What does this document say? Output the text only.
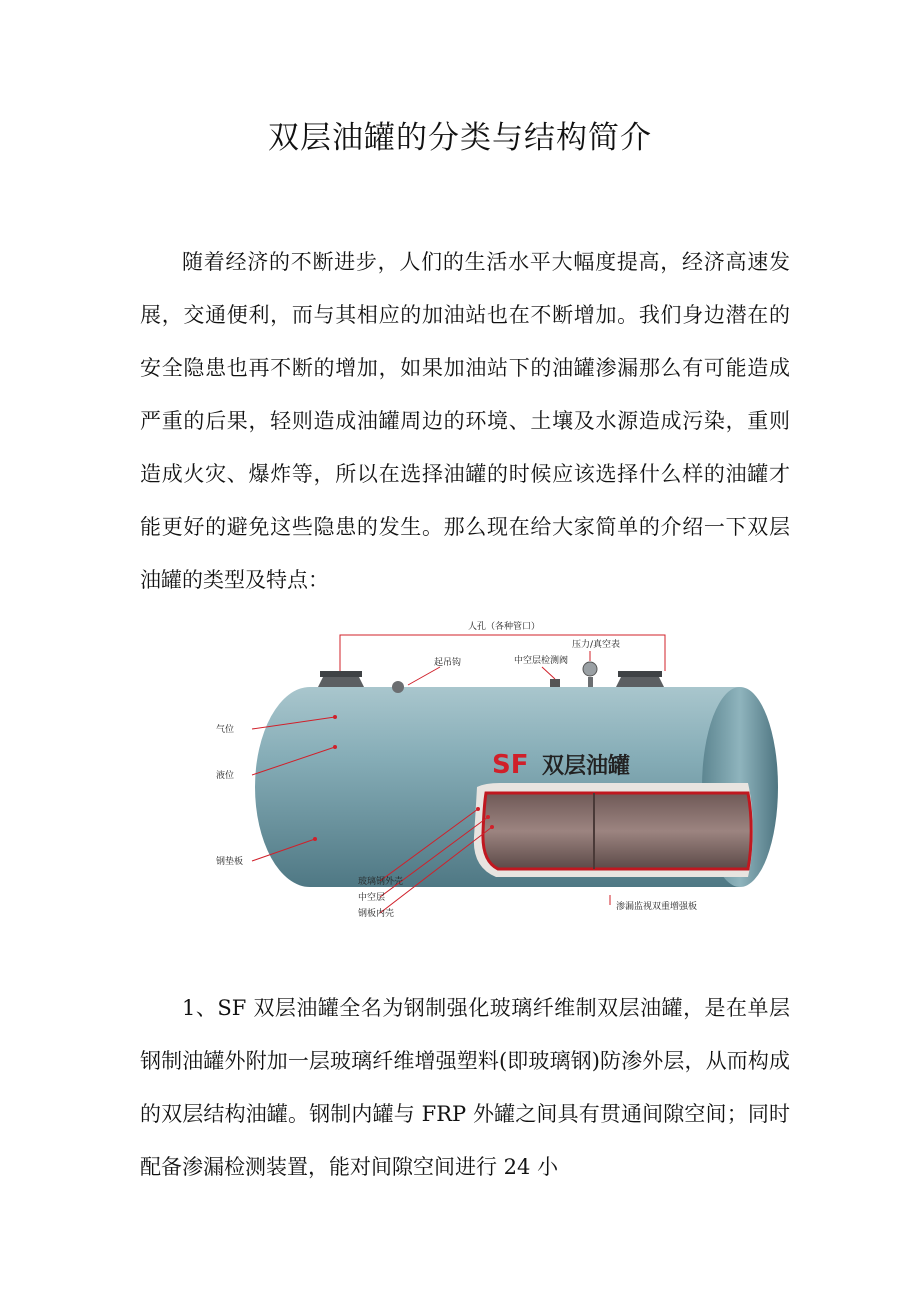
双层油罐的分类与结构简介

随着经济的不断进步，人们的生活水平大幅度提高，经济高速发展，交通便利，而与其相应的加油站也在不断增加。我们身边潜在的安全隐患也再不断的增加，如果加油站下的油罐渗漏那么有可能造成严重的后果，轻则造成油罐周边的环境、土壤及水源造成污染，重则造成火灾、爆炸等，所以在选择油罐的时候应该选择什么样的油罐才能更好的避免这些隐患的发生。那么现在给大家简单的介绍一下双层油罐的类型及特点：

SF 双层油罐
人孔（各种管口）
压力/真空表
起吊钩	中空层检测阀
气位
液位
钢垫板
玻璃钢外壳
中空层
钢板内壳
渗漏监视双重增强板

1、SF 双层油罐全名为钢制强化玻璃纤维制双层油罐，是在单层钢制油罐外附加一层玻璃纤维增强塑料(即玻璃钢)防渗外层，从而构成的双层结构油罐。钢制内罐与 FRP 外罐之间具有贯通间隙空间；同时配备渗漏检测装置，能对间隙空间进行 24 小
